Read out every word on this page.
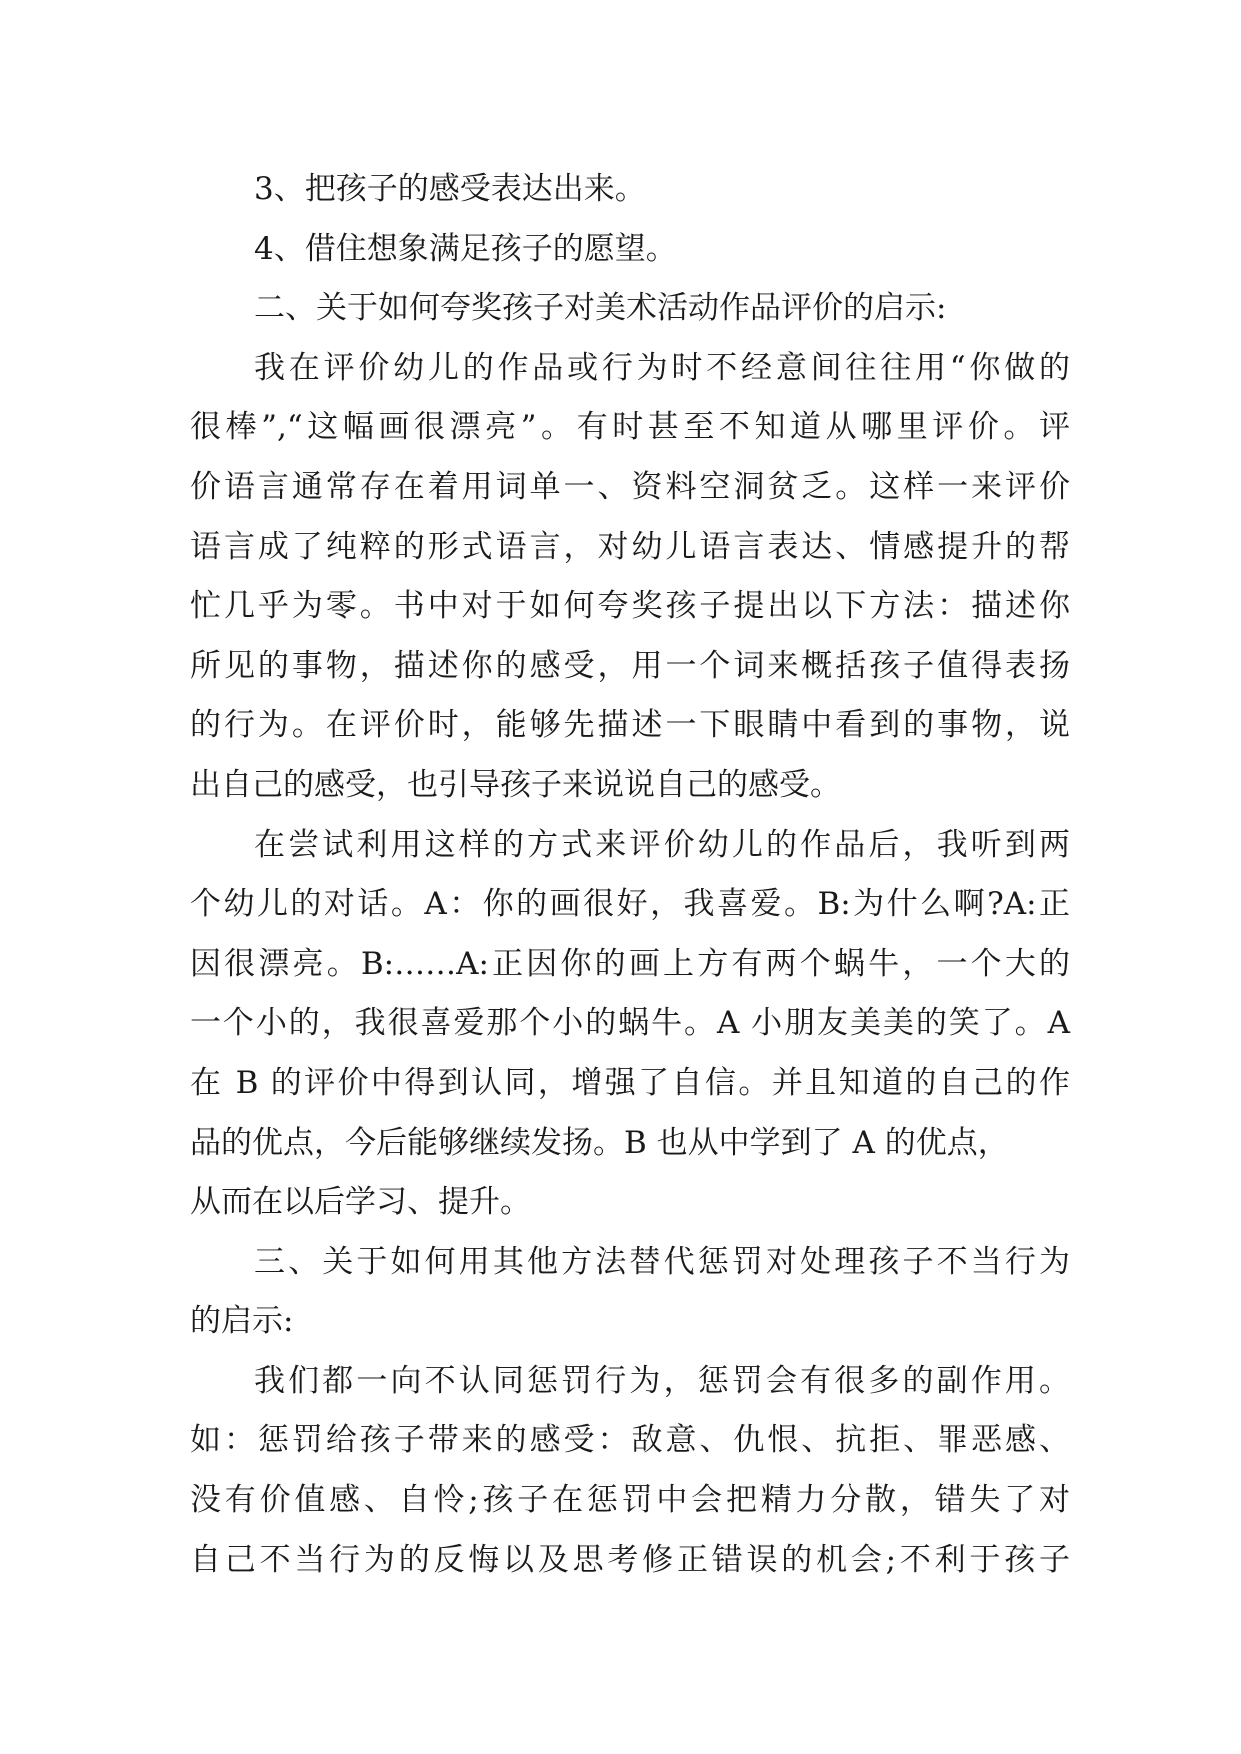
3、把孩子的感受表达出来。

4、借住想象满足孩子的愿望。

二、关于如何夸奖孩子对美术活动作品评价的启示:

我在评价幼儿的作品或行为时不经意间往往用“你做的
很棒”,“这幅画很漂亮”。有时甚至不知道从哪里评价。评
价语言通常存在着用词单一、资料空洞贫乏。这样一来评价
语言成了纯粹的形式语言，对幼儿语言表达、情感提升的帮
忙几乎为零。书中对于如何夸奖孩子提出以下方法：描述你
所见的事物，描述你的感受，用一个词来概括孩子值得表扬
的行为。在评价时，能够先描述一下眼睛中看到的事物，说
出自己的感受，也引导孩子来说说自己的感受。

在尝试利用这样的方式来评价幼儿的作品后，我听到两
个幼儿的对话。A：你的画很好，我喜爱。B:为什么啊?A:正
因很漂亮。B:……A:正因你的画上方有两个蜗牛，一个大的
一个小的，我很喜爱那个小的蜗牛。A 小朋友美美的笑了。A
在 B 的评价中得到认同，增强了自信。并且知道的自己的作
品的优点，今后能够继续发扬。B 也从中学到了 A 的优点，
从而在以后学习、提升。

三、关于如何用其他方法替代惩罚对处理孩子不当行为
的启示:

我们都一向不认同惩罚行为，惩罚会有很多的副作用。
如：惩罚给孩子带来的感受：敌意、仇恨、抗拒、罪恶感、
没有价值感、自怜;孩子在惩罚中会把精力分散，错失了对
自己不当行为的反悔以及思考修正错误的机会;不利于孩子
